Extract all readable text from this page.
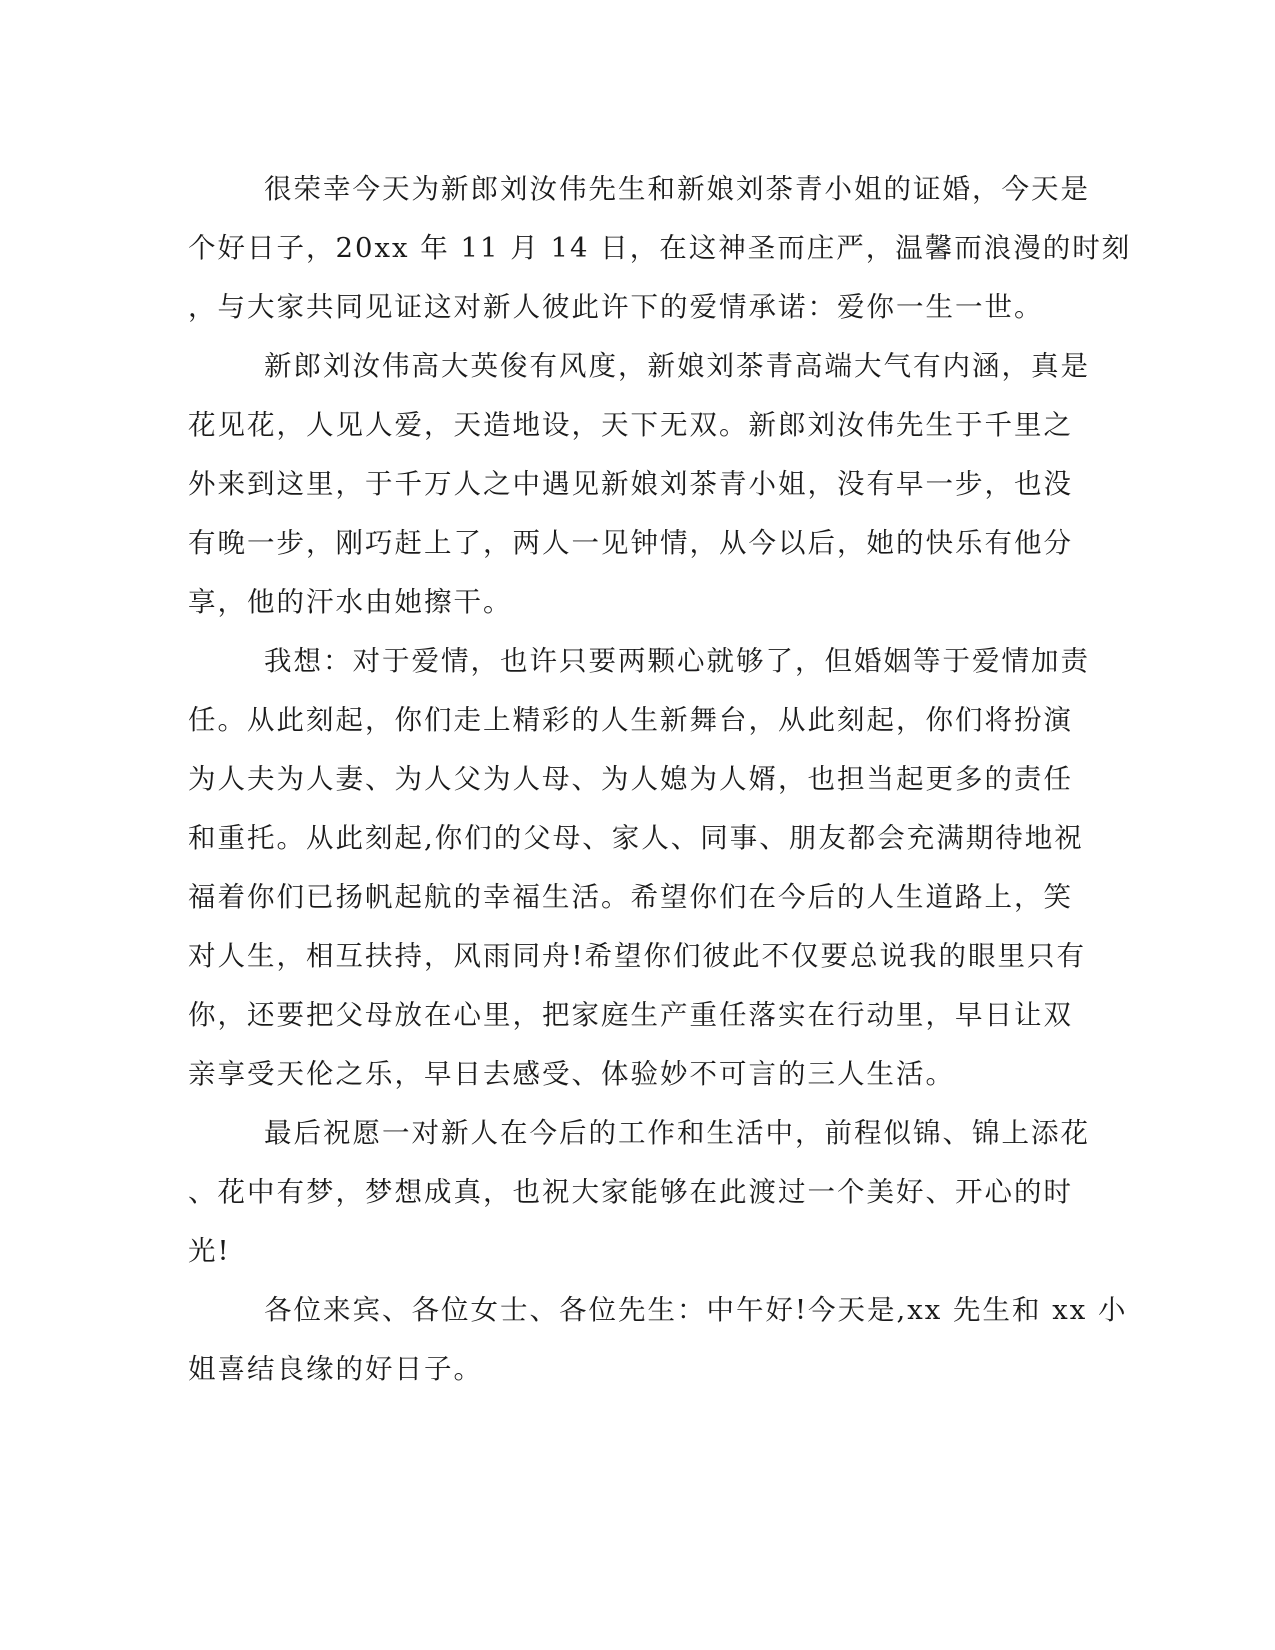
很荣幸今天为新郎刘汝伟先生和新娘刘茶青小姐的证婚，今天是
个好日子，20xx 年 11 月 14 日，在这神圣而庄严，温馨而浪漫的时刻
，与大家共同见证这对新人彼此许下的爱情承诺：爱你一生一世。
新郎刘汝伟高大英俊有风度，新娘刘茶青高端大气有内涵，真是
花见花，人见人爱，天造地设，天下无双。新郎刘汝伟先生于千里之
外来到这里，于千万人之中遇见新娘刘茶青小姐，没有早一步，也没
有晚一步，刚巧赶上了，两人一见钟情，从今以后，她的快乐有他分
享，他的汗水由她擦干。
我想：对于爱情，也许只要两颗心就够了，但婚姻等于爱情加责
任。从此刻起，你们走上精彩的人生新舞台，从此刻起，你们将扮演
为人夫为人妻、为人父为人母、为人媳为人婿，也担当起更多的责任
和重托。从此刻起,你们的父母、家人、同事、朋友都会充满期待地祝
福着你们已扬帆起航的幸福生活。希望你们在今后的人生道路上，笑
对人生，相互扶持，风雨同舟!希望你们彼此不仅要总说我的眼里只有
你，还要把父母放在心里，把家庭生产重任落实在行动里，早日让双
亲享受天伦之乐，早日去感受、体验妙不可言的三人生活。
最后祝愿一对新人在今后的工作和生活中，前程似锦、锦上添花
、花中有梦，梦想成真，也祝大家能够在此渡过一个美好、开心的时
光!
各位来宾、各位女士、各位先生：中午好!今天是,xx 先生和 xx 小
姐喜结良缘的好日子。
